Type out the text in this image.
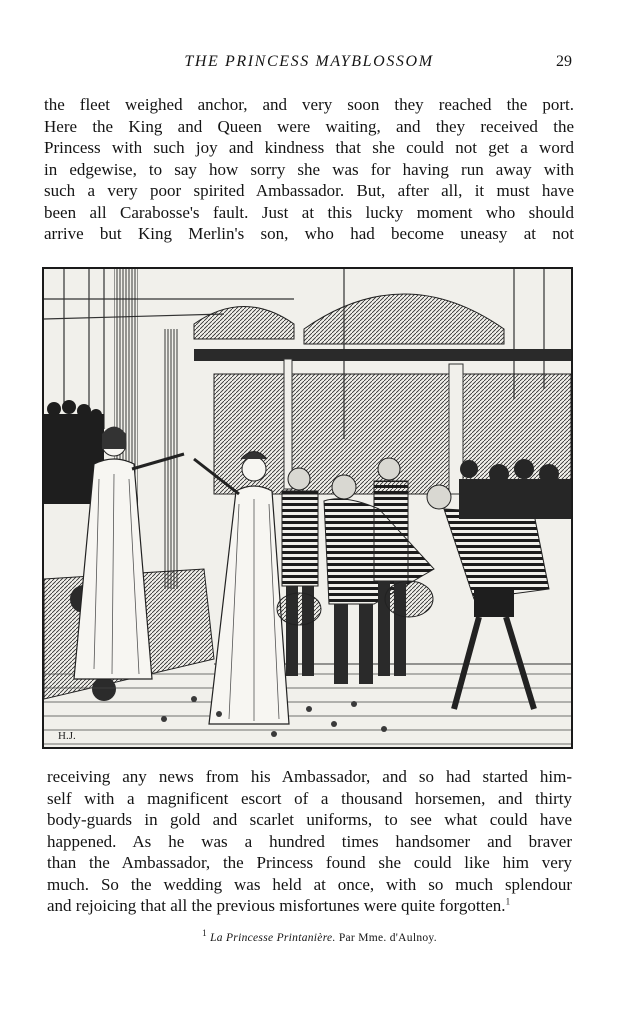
THE PRINCESS MAYBLOSSOM	29

the fleet weighed anchor, and very soon they reached the port.
Here the King and Queen were waiting, and they received the
Princess with such joy and kindness that she could not get a word
in edgewise, to say how sorry she was for having run away with
such a very poor spirited Ambassador. But, after all, it must have
been all Carabosse's fault. Just at this lucky moment who should
arrive but King Merlin's son, who had become uneasy at not

H.J.

receiving any news from his Ambassador, and so had started him-
self with a magnificent escort of a thousand horsemen, and thirty
body-guards in gold and scarlet uniforms, to see what could have
happened. As he was a hundred times handsomer and braver
than the Ambassador, the Princess found she could like him very
much. So the wedding was held at once, with so much splendour
and rejoicing that all the previous misfortunes were quite forgotten.$^1$

$^1$ La Princesse Printanière. Par Mme. d'Aulnoy.
